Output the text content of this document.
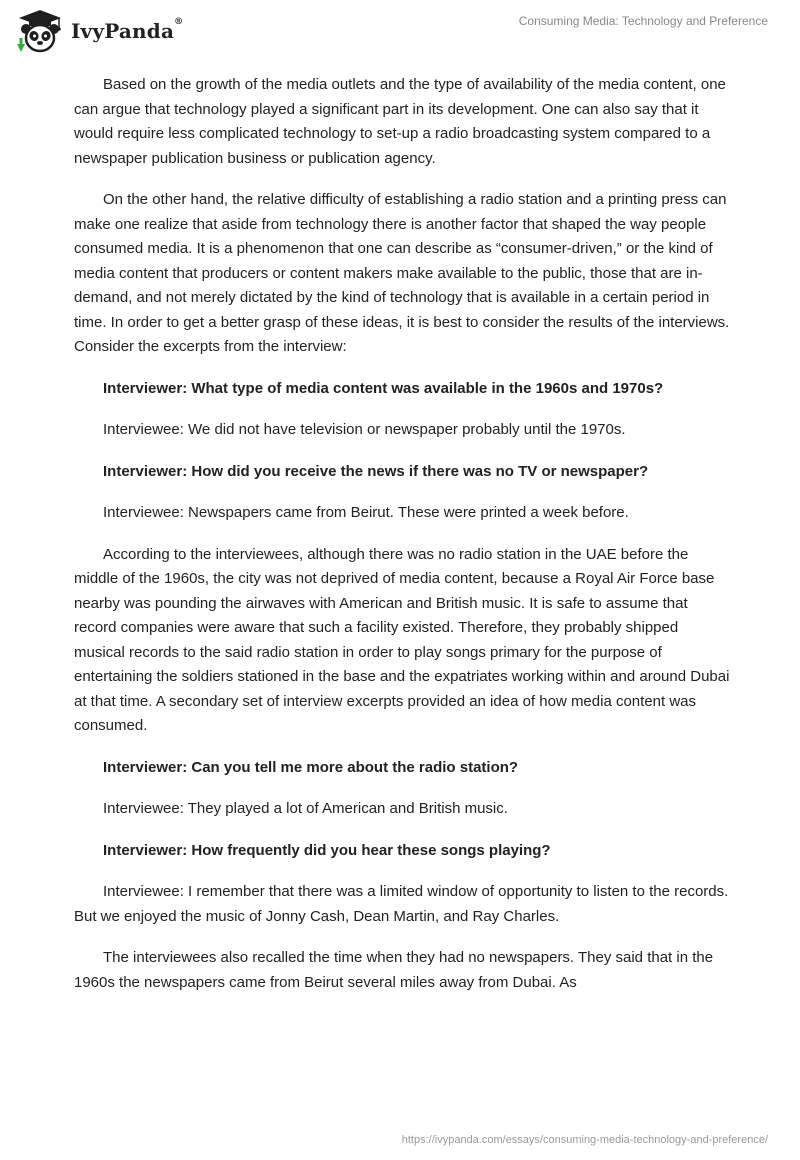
IvyPanda®	Consuming Media: Technology and Preference

Based on the growth of the media outlets and the type of availability of the media content, one can argue that technology played a significant part in its development. One can also say that it would require less complicated technology to set-up a radio broadcasting system compared to a newspaper publication business or publication agency.

On the other hand, the relative difficulty of establishing a radio station and a printing press can make one realize that aside from technology there is another factor that shaped the way people consumed media. It is a phenomenon that one can describe as “consumer-driven,” or the kind of media content that producers or content makers make available to the public, those that are in-demand, and not merely dictated by the kind of technology that is available in a certain period in time. In order to get a better grasp of these ideas, it is best to consider the results of the interviews. Consider the excerpts from the interview:

Interviewer: What type of media content was available in the 1960s and 1970s?

Interviewee: We did not have television or newspaper probably until the 1970s.

Interviewer: How did you receive the news if there was no TV or newspaper?

Interviewee: Newspapers came from Beirut. These were printed a week before.

According to the interviewees, although there was no radio station in the UAE before the middle of the 1960s, the city was not deprived of media content, because a Royal Air Force base nearby was pounding the airwaves with American and British music. It is safe to assume that record companies were aware that such a facility existed. Therefore, they probably shipped musical records to the said radio station in order to play songs primary for the purpose of entertaining the soldiers stationed in the base and the expatriates working within and around Dubai at that time. A secondary set of interview excerpts provided an idea of how media content was consumed.

Interviewer: Can you tell me more about the radio station?

Interviewee: They played a lot of American and British music.

Interviewer: How frequently did you hear these songs playing?

Interviewee: I remember that there was a limited window of opportunity to listen to the records. But we enjoyed the music of Jonny Cash, Dean Martin, and Ray Charles.

The interviewees also recalled the time when they had no newspapers. They said that in the 1960s the newspapers came from Beirut several miles away from Dubai. As

https://ivypanda.com/essays/consuming-media-technology-and-preference/
